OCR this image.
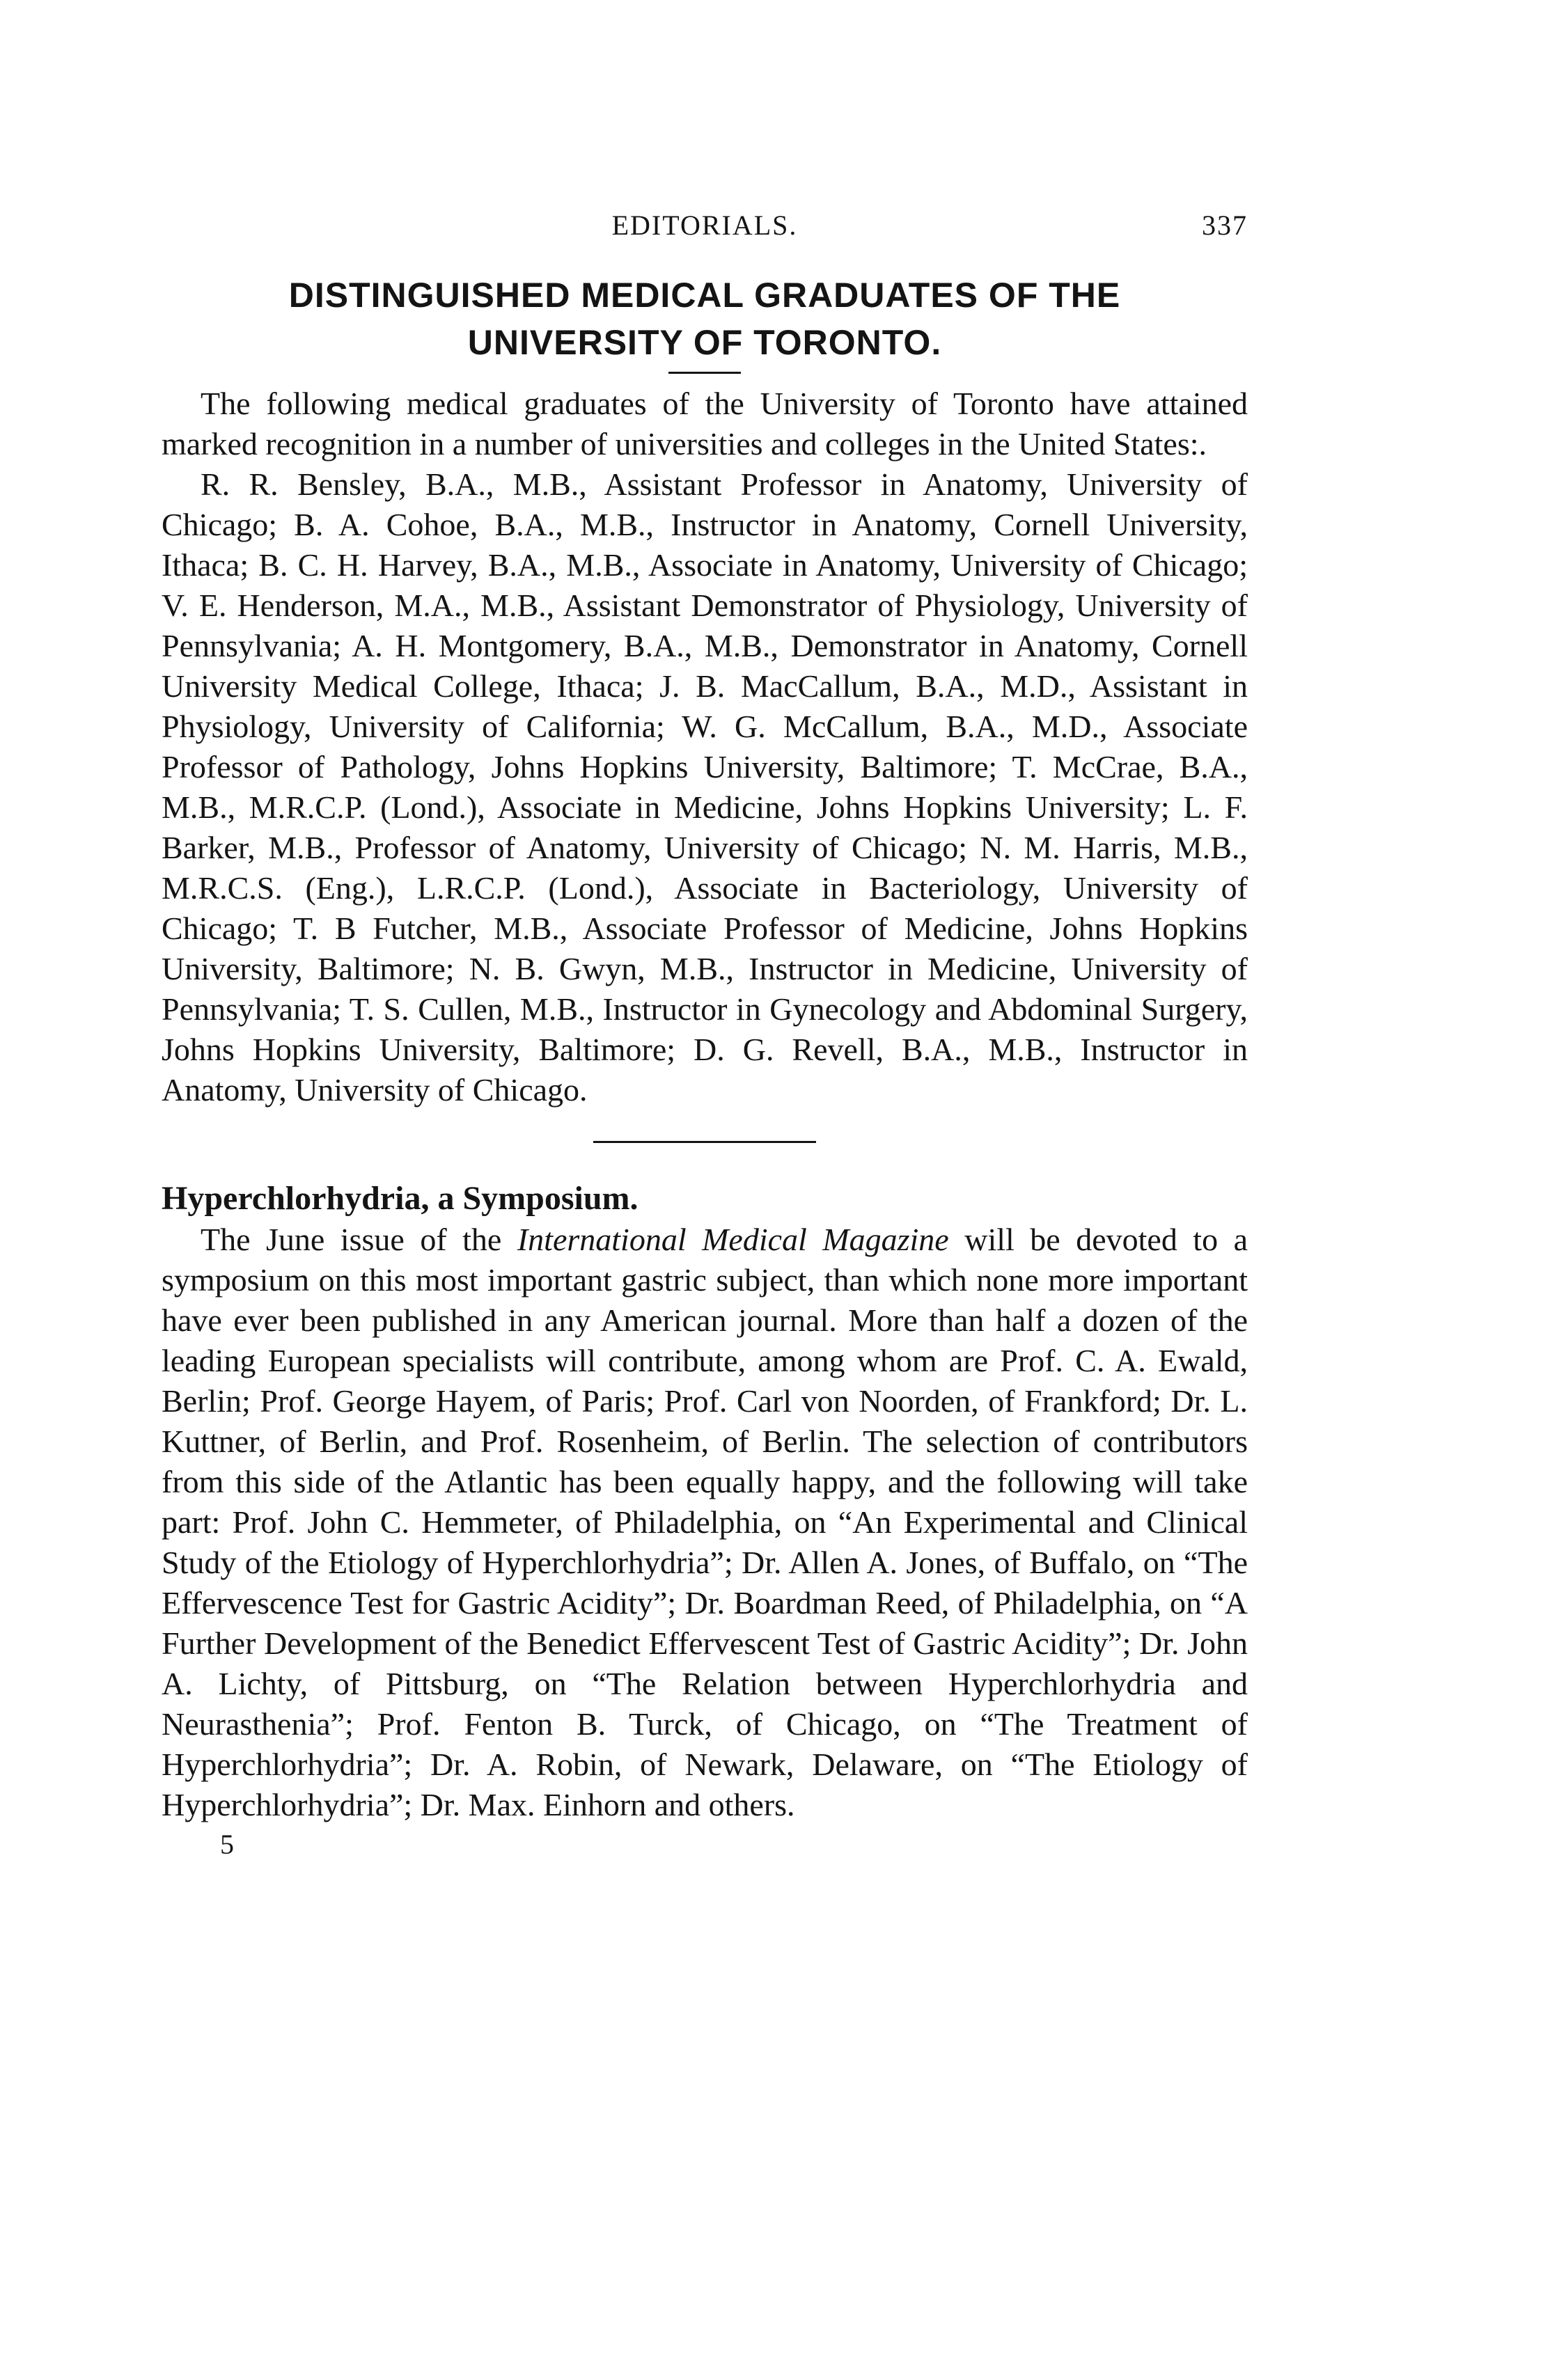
EDITORIALS.	337
DISTINGUISHED MEDICAL GRADUATES OF THE
UNIVERSITY OF TORONTO.

The following medical graduates of the University of Toronto have attained marked recognition in a number of universities and colleges in the United States:.

R. R. Bensley, B.A., M.B., Assistant Professor in Anatomy, University of Chicago; B. A. Cohoe, B.A., M.B., Instructor in Anatomy, Cornell University, Ithaca; B. C. H. Harvey, B.A., M.B., Associate in Anatomy, University of Chicago; V. E. Henderson, M.A., M.B., Assistant Demonstrator of Physiology, University of Pennsylvania; A. H. Montgomery, B.A., M.B., Demonstrator in Anatomy, Cornell University Medical College, Ithaca; J. B. MacCallum, B.A., M.D., Assistant in Physiology, University of California; W. G. McCallum, B.A., M.D., Associate Professor of Pathology, Johns Hopkins University, Baltimore; T. McCrae, B.A., M.B., M.R.C.P. (Lond.), Associate in Medicine, Johns Hopkins University; L. F. Barker, M.B., Professor of Anatomy, University of Chicago; N. M. Harris, M.B., M.R.C.S. (Eng.), L.R.C.P. (Lond.), Associate in Bacteriology, University of Chicago; T. B Futcher, M.B., Associate Professor of Medicine, Johns Hopkins University, Baltimore; N. B. Gwyn, M.B., Instructor in Medicine, University of Pennsylvania; T. S. Cullen, M.B., Instructor in Gynecology and Abdominal Surgery, Johns Hopkins University, Baltimore; D. G. Revell, B.A., M.B., Instructor in Anatomy, University of Chicago.

Hyperchlorhydria, a Symposium.

The June issue of the International Medical Magazine will be devoted to a symposium on this most important gastric subject, than which none more important have ever been published in any American journal. More than half a dozen of the leading European specialists will contribute, among whom are Prof. C. A. Ewald, Berlin; Prof. George Hayem, of Paris; Prof. Carl von Noorden, of Frankford; Dr. L. Kuttner, of Berlin, and Prof. Rosenheim, of Berlin. The selection of contributors from this side of the Atlantic has been equally happy, and the following will take part: Prof. John C. Hemmeter, of Philadelphia, on “An Experimental and Clinical Study of the Etiology of Hyperchlorhydria”; Dr. Allen A. Jones, of Buffalo, on “The Effervescence Test for Gastric Acidity”; Dr. Boardman Reed, of Philadelphia, on “A Further Development of the Benedict Effervescent Test of Gastric Acidity”; Dr. John A. Lichty, of Pittsburg, on “The Relation between Hyperchlorhydria and Neurasthenia”; Prof. Fenton B. Turck, of Chicago, on “The Treatment of Hyperchlorhydria”; Dr. A. Robin, of Newark, Delaware, on “The Etiology of Hyperchlorhydria”; Dr. Max. Einhorn and others.

5
